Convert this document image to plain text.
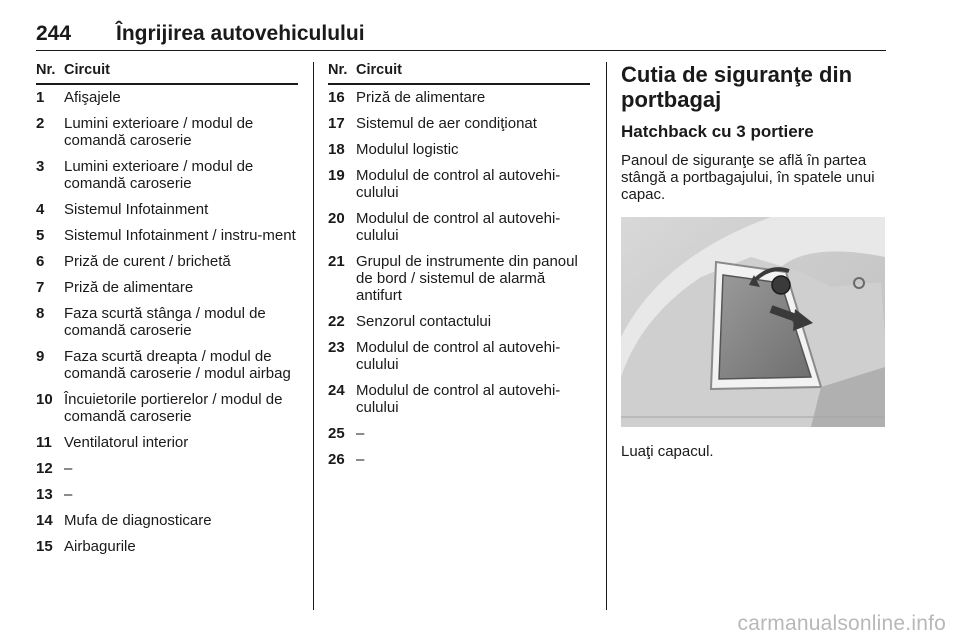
244 Îngrijirea autovehiculului
Nr. Circuit
1	Afişajele
2	Lumini exterioare / modul de comandă caroserie
3	Lumini exterioare / modul de comandă caroserie
4	Sistemul Infotainment
5	Sistemul Infotainment / instru-ment
6	Priză de curent / brichetă
7	Priză de alimentare
8	Faza scurtă stânga / modul de comandă caroserie
9	Faza scurtă dreapta / modul de comandă caroserie / modul airbag
10 Încuietorile portierelor / modul de comandă caroserie
11 Ventilatorul interior
12 –
13 –
14 Mufa de diagnosticare
15 Airbagurile
Nr. Circuit
16 Priză de alimentare
17 Sistemul de aer condiţionat
18 Modulul logistic
19 Modulul de control al autovehi-culului
20 Modulul de control al autovehi-culului
21 Grupul de instrumente din panoul de bord / sistemul de alarmă antifurt
22 Senzorul contactului
23 Modulul de control al autovehi-culului
24 Modulul de control al autovehi-culului
25 –
26 –
Cutia de siguranţe din portbagaj
Hatchback cu 3 portiere
Panoul de siguranţe se află în partea stângă a portbagajului, în spatele unui capac.
Luaţi capacul.
carmanualsonline.info
